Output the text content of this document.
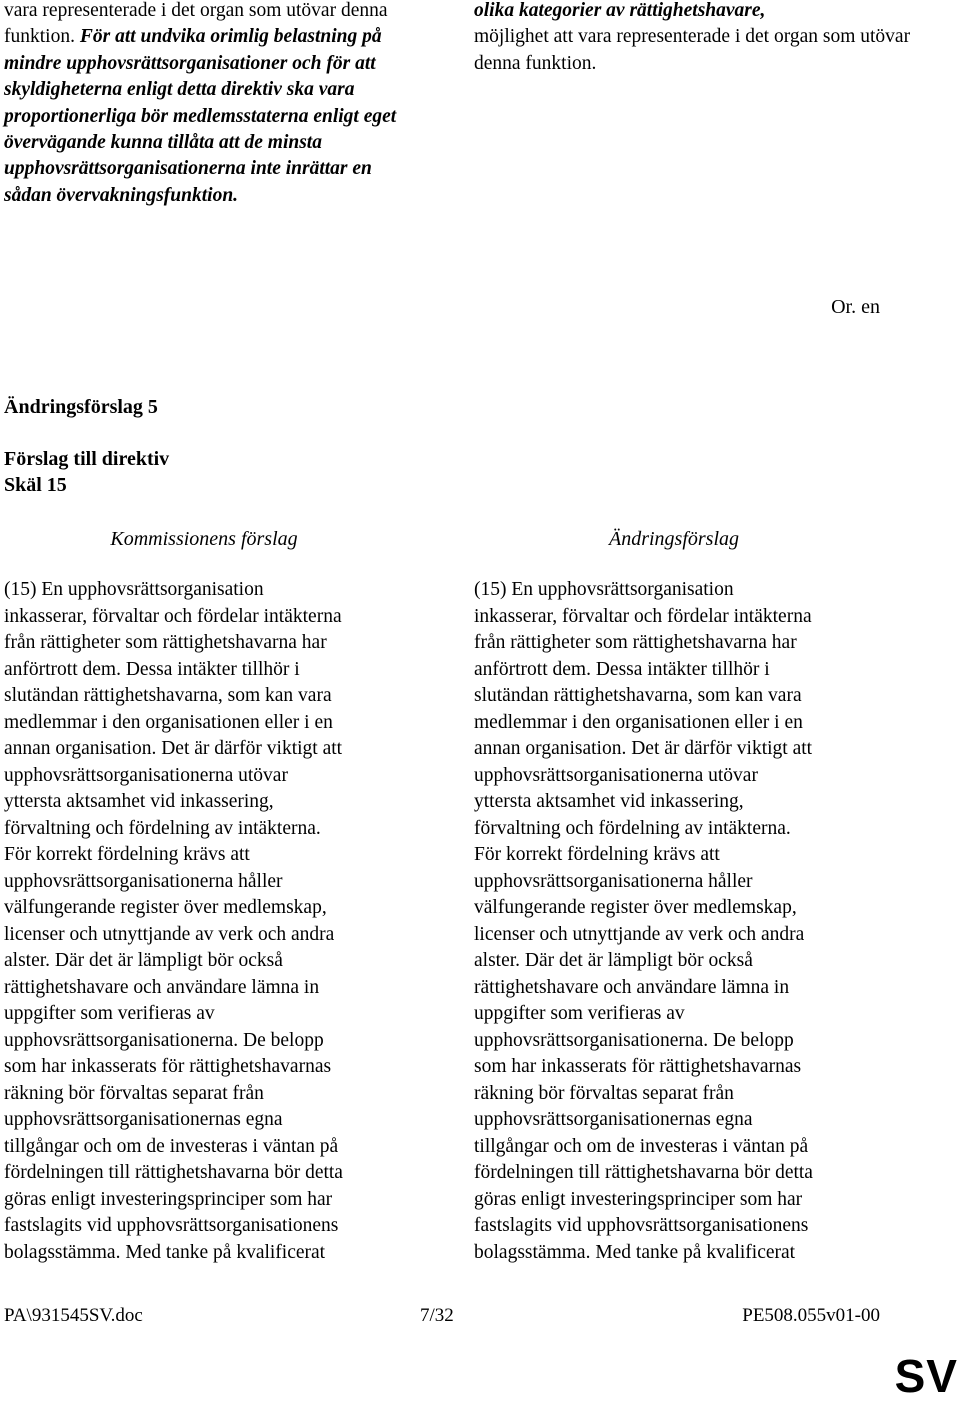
vara representerade i det organ som utövar denna funktion. För att undvika orimlig belastning på mindre upphovsrättsorganisationer och för att skyldigheterna enligt detta direktiv ska vara proportionerliga bör medlemsstaterna enligt eget övervägande kunna tillåta att de minsta upphovsrättsorganisationerna inte inrättar en sådan övervakningsfunktion.
olika kategorier av rättighetshavare,
möjlighet att vara representerade i det organ som utövar denna funktion.
Or. en
Ändringsförslag 5
Förslag till direktiv
Skäl 15
Kommissionens förslag	Ändringsförslag
(15) En upphovsrättsorganisation
inkasserar, förvaltar och fördelar intäkterna
från rättigheter som rättighetshavarna har
anförtrott dem. Dessa intäkter tillhör i
slutändan rättighetshavarna, som kan vara
medlemmar i den organisationen eller i en
annan organisation. Det är därför viktigt att
upphovsrättsorganisationerna utövar
yttersta aktsamhet vid inkassering,
förvaltning och fördelning av intäkterna.
För korrekt fördelning krävs att
upphovsrättsorganisationerna håller
välfungerande register över medlemskap,
licenser och utnyttjande av verk och andra
alster. Där det är lämpligt bör också
rättighetshavare och användare lämna in
uppgifter som verifieras av
upphovsrättsorganisationerna. De belopp
som har inkasserats för rättighetshavarnas
räkning bör förvaltas separat från
upphovsrättsorganisationernas egna
tillgångar och om de investeras i väntan på
fördelningen till rättighetshavarna bör detta
göras enligt investeringsprinciper som har
fastslagits vid upphovsrättsorganisationens
bolagsstämma. Med tanke på kvalificerat
(15) En upphovsrättsorganisation
inkasserar, förvaltar och fördelar intäkterna
från rättigheter som rättighetshavarna har
anförtrott dem. Dessa intäkter tillhör i
slutändan rättighetshavarna, som kan vara
medlemmar i den organisationen eller i en
annan organisation. Det är därför viktigt att
upphovsrättsorganisationerna utövar
yttersta aktsamhet vid inkassering,
förvaltning och fördelning av intäkterna.
För korrekt fördelning krävs att
upphovsrättsorganisationerna håller
välfungerande register över medlemskap,
licenser och utnyttjande av verk och andra
alster. Där det är lämpligt bör också
rättighetshavare och användare lämna in
uppgifter som verifieras av
upphovsrättsorganisationerna. De belopp
som har inkasserats för rättighetshavarnas
räkning bör förvaltas separat från
upphovsrättsorganisationernas egna
tillgångar och om de investeras i väntan på
fördelningen till rättighetshavarna bör detta
göras enligt investeringsprinciper som har
fastslagits vid upphovsrättsorganisationens
bolagsstämma. Med tanke på kvalificerat
PA\931545SV.doc	7/32	PE508.055v01-00
SV
